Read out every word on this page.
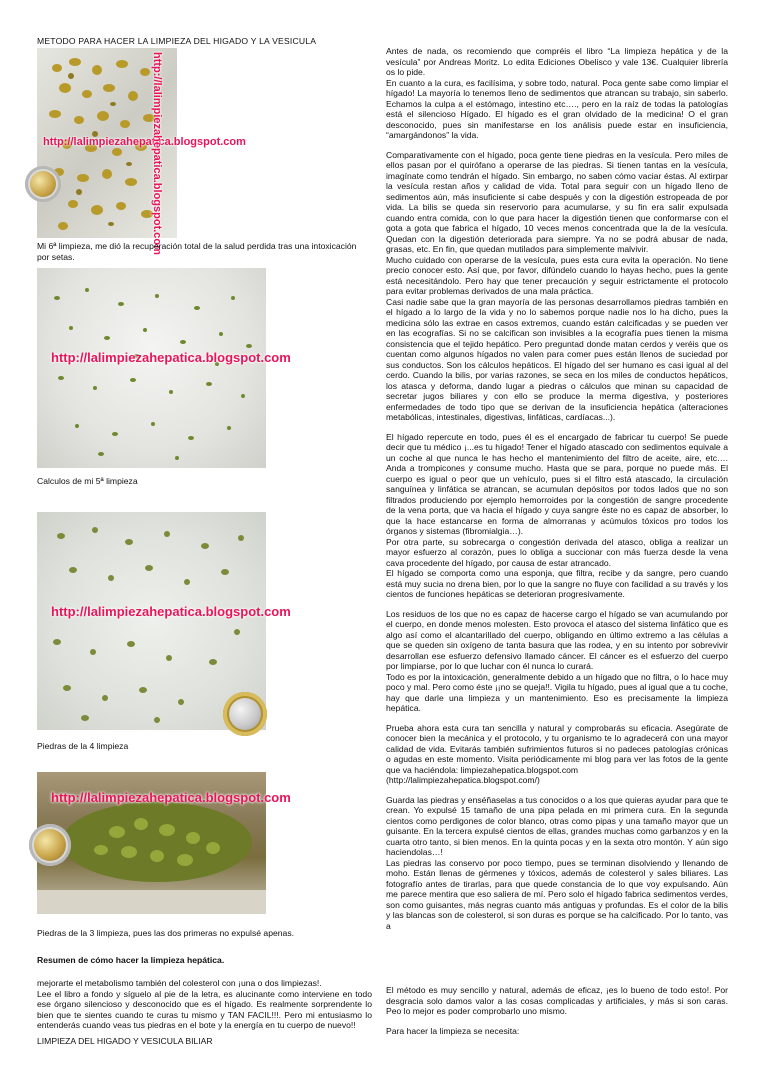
METODO PARA HACER LA LIMPIEZA DEL HIGADO Y LA VESICULA
http://lalimpiezahepatica.blogspot.com
http://lalimpiezahepatica.blogspot.com
Mi 6ª limpieza, me dió la recuperación total de la salud perdida tras una intoxicación por setas.
http://lalimpiezahepatica.blogspot.com
Calculos de mi 5ª limpieza
http://lalimpiezahepatica.blogspot.com
Piedras de la 4 limpieza
http://lalimpiezahepatica.blogspot.com
Piedras de la 3 limpieza, pues las dos primeras no expulsé apenas.
Resumen de cómo hacer la limpieza hepática.
mejorarte el metabolismo también del colesterol con ¡una o dos limpiezas!.
Lee el libro a fondo y síguelo al pie de la letra, es alucinante como interviene en todo ese órgano silencioso y desconocido que es el hígado. Es realmente sorprendente lo bien que te sientes cuando te curas tu mismo y TAN FACIL!!!. Pero mi entusiasmo lo entenderás cuando veas tus piedras en el bote y la energía en tu cuerpo de nuevo!!
LIMPIEZA DEL HIGADO Y VESICULA BILIAR

Antes de nada, os recomiendo que compréis el libro “La limpieza hepática y de la vesícula” por Andreas Moritz. Lo edita Ediciones Obelisco y vale 13€. Cualquier librería os lo pide.
En cuanto a la cura, es facilísima, y sobre todo, natural. Poca gente sabe como limpiar el hígado! La mayoría lo tenemos lleno de sedimentos que atrancan su trabajo, sin saberlo. Echamos la culpa a el estómago, intestino etc…., pero en la raíz de todas la patologías está el silencioso Hígado. El hígado es el gran olvidado de la medicina! O el gran desconocido, pues sin manifestarse en los análisis puede estar en insuficiencia, “amargándonos” la vida.

Comparativamente con el hígado, poca gente tiene piedras en la vesícula. Pero miles de ellos pasan por el quirófano a operarse de las piedras. Si tienen tantas en la vesícula, imagínate como tendrán el hígado. Sin embargo, no saben cómo vaciar éstas. Al extirpar la vesícula restan años y calidad de vida. Total para seguir con un hígado lleno de sedimentos aún, más insuficiente si cabe después y con la digestión estropeada de por vida. La bilis se queda sin reservorio para acumularse, y su fin era salir expulsada cuando entra comida, con lo que para hacer la digestión tienen que conformarse con el gota a gota que fabrica el hígado, 10 veces menos concentrada que la de la vesícula. Quedan con la digestión deteriorada para siempre. Ya no se podrá abusar de nada, grasas, etc. En fin, que quedan mutilados para simplemente malvivir.
Mucho cuidado con operarse de la vesícula, pues esta cura evita la operación. No tiene precio conocer esto. Así que, por favor, difúndelo cuando lo hayas hecho, pues la gente está necesitándolo. Pero hay que tener precaución y seguir estrictamente el protocolo para evitar problemas derivados de una mala práctica.
Casi nadie sabe que la gran mayoría de las personas desarrollamos piedras también en el hígado a lo largo de la vida y no lo sabemos porque nadie nos lo ha dicho, pues la medicina sólo las extrae en casos extremos, cuando están calcificadas y se pueden ver en las ecografías. Si no se calcifican son invisibles a la ecografía pues tienen la misma consistencia que el tejido hepático. Pero preguntad donde matan cerdos y veréis que os cuentan como algunos hígados no valen para comer pues están llenos de suciedad por sus conductos. Son los cálculos hepáticos. El hígado del ser humano es casi igual al del cerdo. Cuando la bilis, por varias razones, se seca en los miles de conductos hepáticos, los atasca y deforma, dando lugar a piedras o cálculos que minan su capacidad de secretar jugos biliares y con ello se produce la merma digestiva, y posteriores enfermedades de todo tipo que se derivan de la insuficiencia hepática (alteraciones metabólicas, intestinales, digestivas, linfáticas, cardíacas...).

El hígado repercute en todo, pues él es el encargado de fabricar tu cuerpo! Se puede decir que tu médico ¡...es tu hígado! Tener el hígado atascado con sedimentos equivale a un coche al que nunca le has hecho el mantenimiento del filtro de aceite, aire, etc…. Anda a trompicones y consume mucho. Hasta que se para, porque no puede más. El cuerpo es igual o peor que un vehículo, pues si el filtro está atascado, la circulación sanguínea y linfática se atrancan, se acumulan depósitos por todos lados que no son filtrados produciendo por ejemplo hemorroides por la congestión de sangre procedente de la vena porta, que va hacia el hígado y cuya sangre éste no es capaz de absorber, lo que la hace estancarse en forma de almorranas y acúmulos tóxicos pro todos los órganos y sistemas (fibromialgia…).
Por otra parte, su sobrecarga o congestión derivada del atasco, obliga a realizar un mayor esfuerzo al corazón, pues lo obliga a succionar con más fuerza desde la vena cava procedente del hígado, por causa de estar atrancado.
El hígado se comporta como una esponja, que filtra, recibe y da sangre, pero cuando está muy sucia no drena bien, por lo que la sangre no fluye con facilidad a su través y los cientos de funciones hepáticas se deterioran progresivamente.

Los residuos de los que no es capaz de hacerse cargo el hígado se van acumulando por el cuerpo, en donde menos molesten. Esto provoca el atasco del sistema linfático que es algo así como el alcantarillado del cuerpo, obligando en último extremo a las células a que se queden sin oxígeno de tanta basura que las rodea, y en su intento por sobrevivir desarrollan ese esfuerzo defensivo llamado cáncer. El cáncer es el esfuerzo del cuerpo por limpiarse, por lo que luchar con él nunca lo curará.
Todo es por la intoxicación, generalmente debido a un hígado que no filtra, o lo hace muy poco y mal. Pero como éste ¡¡no se queja!!. Vigila tu hígado, pues al igual que a tu coche, hay que darle una limpieza y un mantenimiento. Eso es precisamente la limpieza hepática.

Prueba ahora esta cura tan sencilla y natural y comprobarás su eficacia. Asegúrate de conocer bien la mecánica y el protocolo, y tu organismo te lo agradecerá con una mayor calidad de vida. Evitarás también sufrimientos futuros si no padeces patologías crónicas o agudas en este momento. Visita periódicamente mi blog para ver las fotos de la gente que va haciéndola: limpiezahepatica.blogspot.com
(http://lalimpiezahepatica.blogspot.com/)

Guarda las piedras y enséñaselas a tus conocidos o a los que quieras ayudar para que te crean. Yo expulsé 15 tamaño de una pipa pelada en mi primera cura. En la segunda cientos como perdigones de color blanco, otras como pipas y una tamaño mayor que un guisante. En la tercera expulsé cientos de ellas, grandes muchas como garbanzos y en la cuarta otro tanto, si bien menos. En la quinta pocas y en la sexta otro montón. Y aún sigo haciendolas…!
Las piedras las conservo por poco tiempo, pues se terminan disolviendo y llenando de moho. Están llenas de gérmenes y tóxicos, además de colesterol y sales biliares. Las fotografío antes de tirarlas, para que quede constancia de lo que voy expulsando. Aún me parece mentira que eso saliera de mí. Pero solo el hígado fabrica sedimentos verdes, son como guisantes, más negras cuanto más antiguas y profundas. Es el color de la bilis y las blancas son de colesterol, si son duras es porque se ha calcificado. Por lo tanto, vas a

El método es muy sencillo y natural, además de eficaz, ¡es lo bueno de todo esto!. Por desgracia solo damos valor a las cosas complicadas y artificiales, y más si son caras. Peo lo mejor es poder comprobarlo uno mismo.

Para hacer la limpieza se necesita:
